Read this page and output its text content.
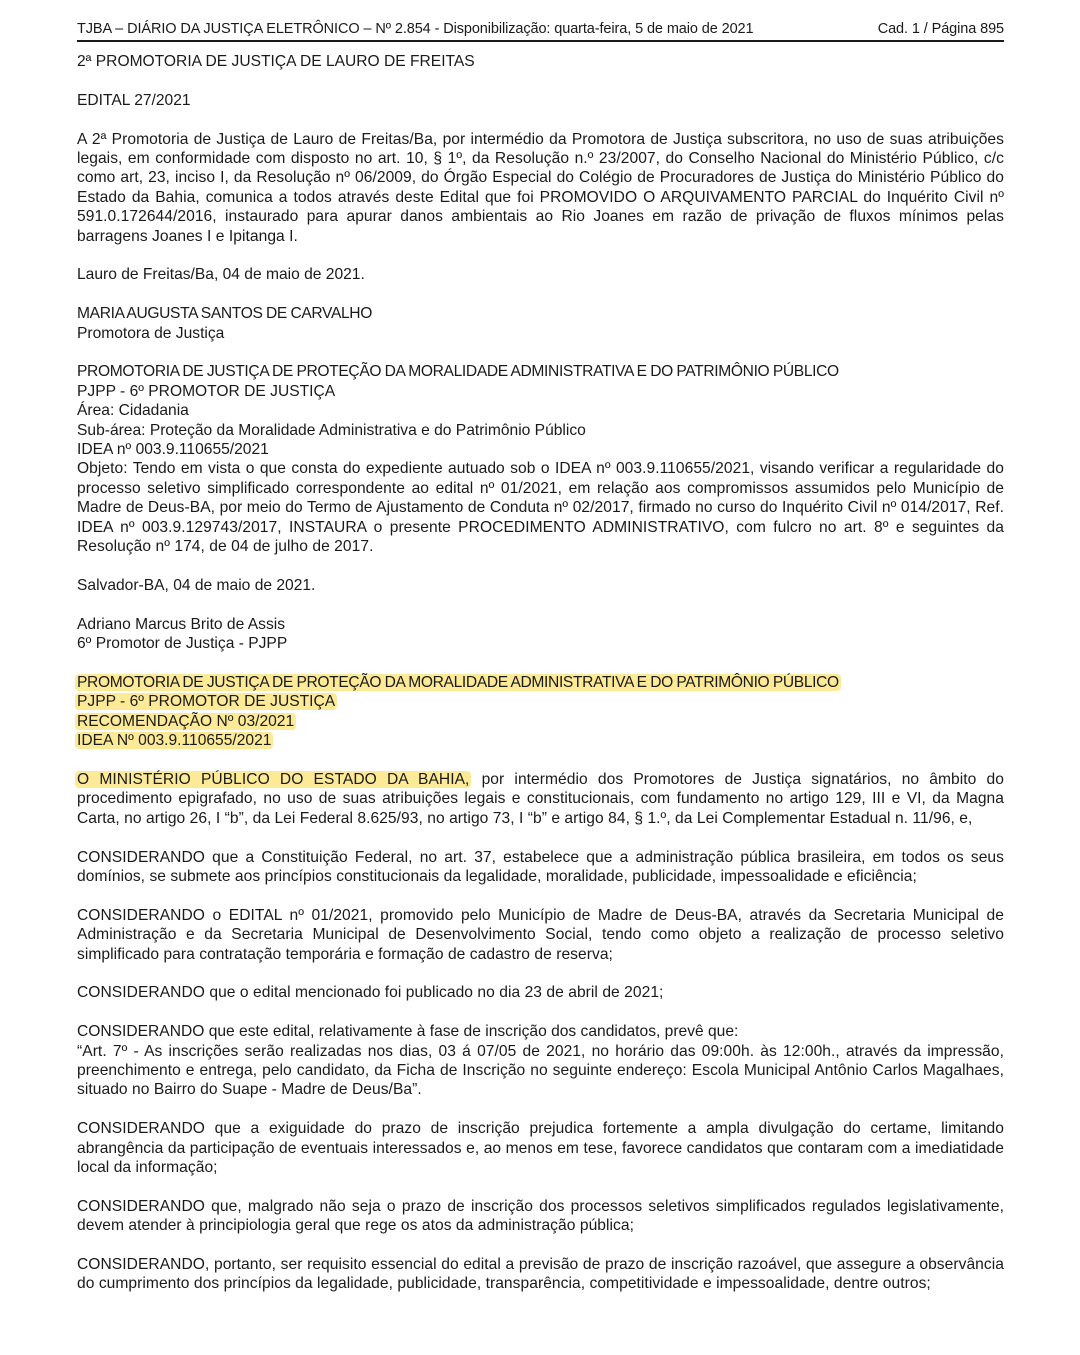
TJBA – DIÁRIO DA JUSTIÇA ELETRÔNICO – Nº 2.854 - Disponibilização: quarta-feira, 5 de maio de 2021	Cad. 1 / Página 895
2ª PROMOTORIA DE JUSTIÇA DE LAURO DE FREITAS
EDITAL 27/2021
A 2ª Promotoria de Justiça de Lauro de Freitas/Ba, por intermédio da Promotora de Justiça subscritora, no uso de suas atribuições legais, em conformidade com disposto no art. 10, § 1º, da Resolução n.º 23/2007, do Conselho Nacional do Ministério Público, c/c como art, 23, inciso I, da Resolução nº 06/2009, do Órgão Especial do Colégio de Procuradores de Justiça do Ministério Público do Estado da Bahia, comunica a todos através deste Edital que foi PROMOVIDO O ARQUIVAMENTO PARCIAL do Inquérito Civil nº 591.0.172644/2016, instaurado para apurar danos ambientais ao Rio Joanes em razão de privação de fluxos mínimos pelas barragens Joanes I e Ipitanga I.
Lauro de Freitas/Ba, 04 de maio de 2021.
MARIA AUGUSTA SANTOS DE CARVALHO
Promotora de Justiça
PROMOTORIA DE JUSTIÇA DE PROTEÇÃO DA MORALIDADE ADMINISTRATIVA E DO PATRIMÔNIO PÚBLICO
PJPP - 6º PROMOTOR DE JUSTIÇA
Área: Cidadania
Sub-área: Proteção da Moralidade Administrativa e do Patrimônio Público
IDEA nº 003.9.110655/2021
Objeto: Tendo em vista o que consta do expediente autuado sob o IDEA nº 003.9.110655/2021, visando verificar a regularidade do processo seletivo simplificado correspondente ao edital nº 01/2021, em relação aos compromissos assumidos pelo Município de Madre de Deus-BA, por meio do Termo de Ajustamento de Conduta nº 02/2017, firmado no curso do Inquérito Civil nº 014/2017, Ref. IDEA nº 003.9.129743/2017, INSTAURA o presente PROCEDIMENTO ADMINISTRATIVO, com fulcro no art. 8º e seguintes da Resolução nº 174, de 04 de julho de 2017.
Salvador-BA, 04 de maio de 2021.
Adriano Marcus Brito de Assis
6º Promotor de Justiça - PJPP
PROMOTORIA DE JUSTIÇA DE PROTEÇÃO DA MORALIDADE ADMINISTRATIVA E DO PATRIMÔNIO PÚBLICO
PJPP - 6º PROMOTOR DE JUSTIÇA
RECOMENDAÇÃO Nº 03/2021
IDEA Nº 003.9.110655/2021
O MINISTÉRIO PÚBLICO DO ESTADO DA BAHIA, por intermédio dos Promotores de Justiça signatários, no âmbito do procedimento epigrafado, no uso de suas atribuições legais e constitucionais, com fundamento no artigo 129, III e VI, da Magna Carta, no artigo 26, I “b”, da Lei Federal 8.625/93, no artigo 73, I “b” e artigo 84, § 1.º, da Lei Complementar Estadual n. 11/96, e,
CONSIDERANDO que a Constituição Federal, no art. 37, estabelece que a administração pública brasileira, em todos os seus domínios, se submete aos princípios constitucionais da legalidade, moralidade, publicidade, impessoalidade e eficiência;
CONSIDERANDO o EDITAL nº 01/2021, promovido pelo Município de Madre de Deus-BA, através da Secretaria Municipal de Administração e da Secretaria Municipal de Desenvolvimento Social, tendo como objeto a realização de processo seletivo simplificado para contratação temporária e formação de cadastro de reserva;
CONSIDERANDO que o edital mencionado foi publicado no dia 23 de abril de 2021;
CONSIDERANDO que este edital, relativamente à fase de inscrição dos candidatos, prevê que:
“Art. 7º - As inscrições serão realizadas nos dias, 03 á 07/05 de 2021, no horário das 09:00h. às 12:00h., através da impressão, preenchimento e entrega, pelo candidato, da Ficha de Inscrição no seguinte endereço: Escola Municipal Antônio Carlos Magalhaes, situado no Bairro do Suape - Madre de Deus/Ba”.
CONSIDERANDO que a exiguidade do prazo de inscrição prejudica fortemente a ampla divulgação do certame, limitando abrangência da participação de eventuais interessados e, ao menos em tese, favorece candidatos que contaram com a imediatidade local da informação;
CONSIDERANDO que, malgrado não seja o prazo de inscrição dos processos seletivos simplificados regulados legislativamente, devem atender à principiologia geral que rege os atos da administração pública;
CONSIDERANDO, portanto, ser requisito essencial do edital a previsão de prazo de inscrição razoável, que assegure a observância do cumprimento dos princípios da legalidade, publicidade, transparência, competitividade e impessoalidade, dentre outros;
